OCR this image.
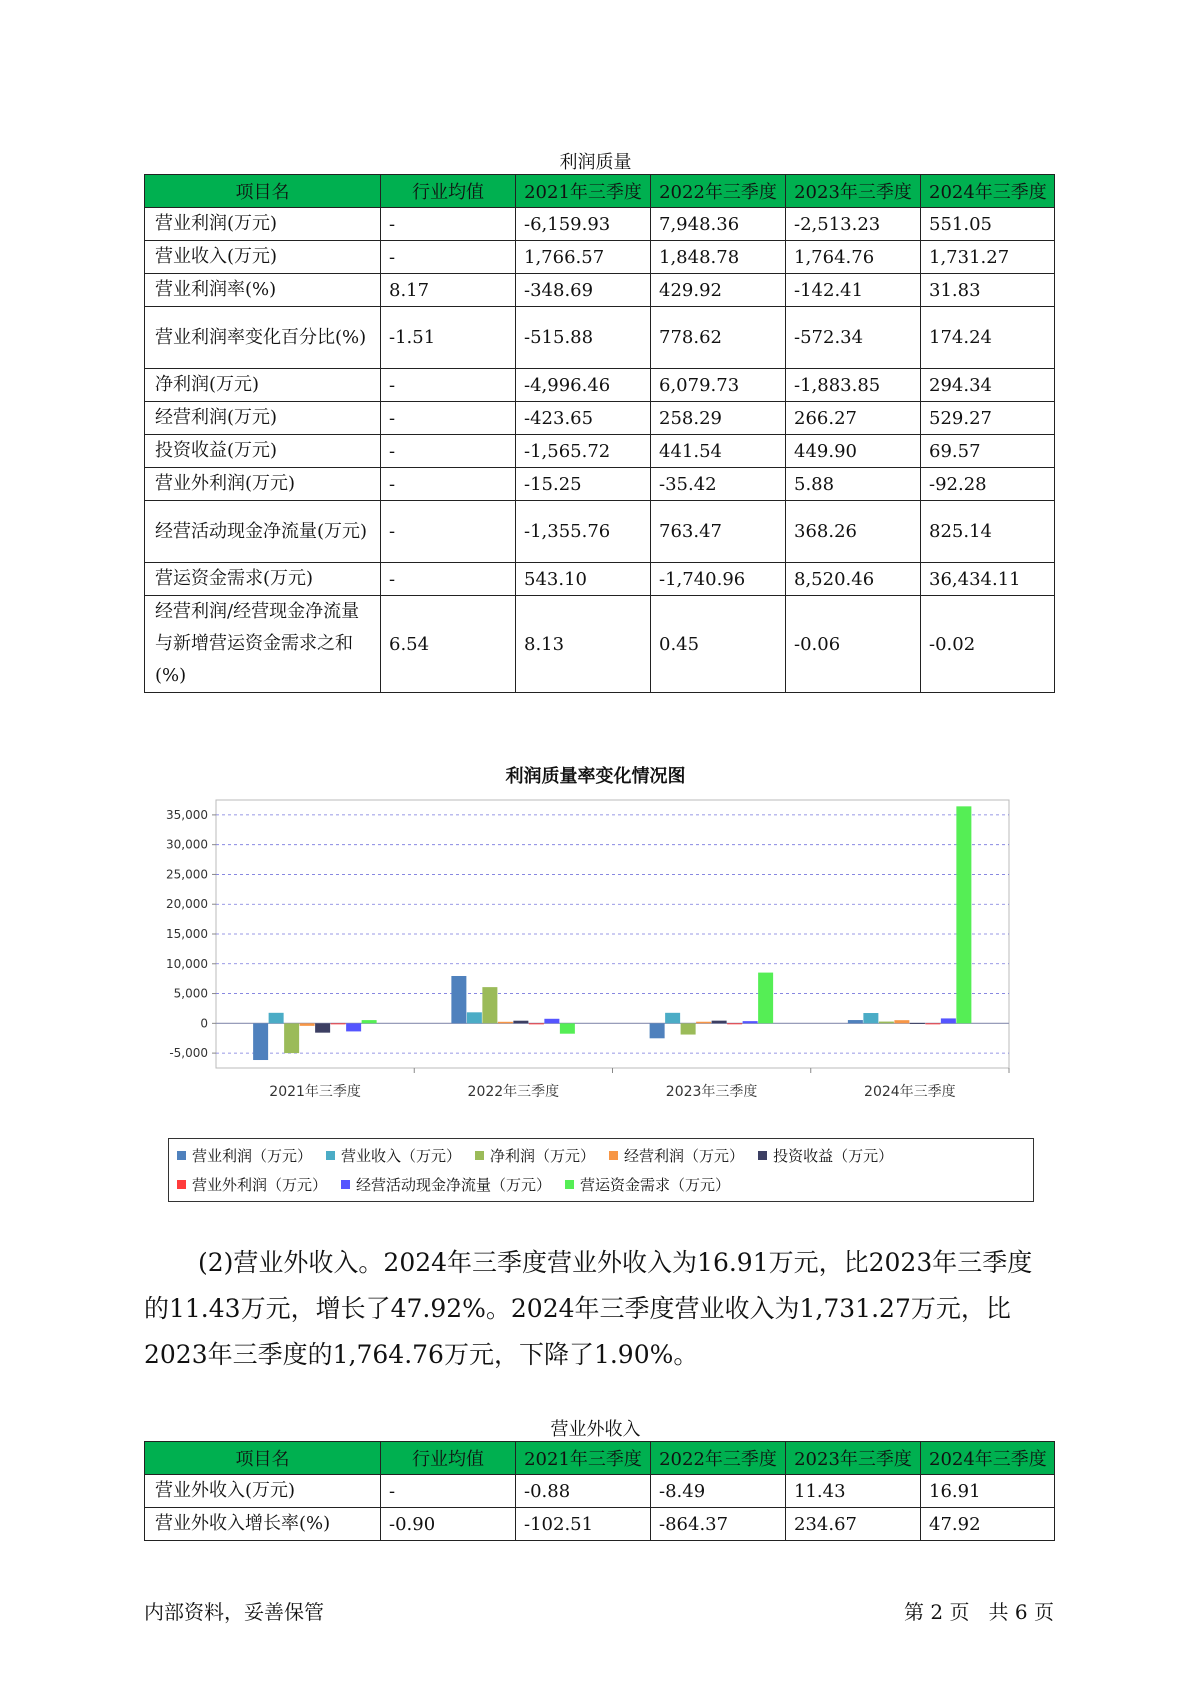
利润质量
项目名	行业均值	2021年三季度	2022年三季度	2023年三季度	2024年三季度
营业利润(万元)	-	-6,159.93	7,948.36	-2,513.23	551.05
营业收入(万元)	-	1,766.57	1,848.78	1,764.76	1,731.27
营业利润率(%)	8.17	-348.69	429.92	-142.41	31.83
营业利润率变化百分比(%)	-1.51	-515.88	778.62	-572.34	174.24
净利润(万元)	-	-4,996.46	6,079.73	-1,883.85	294.34
经营利润(万元)	-	-423.65	258.29	266.27	529.27
投资收益(万元)	-	-1,565.72	441.54	449.90	69.57
营业外利润(万元)	-	-15.25	-35.42	5.88	-92.28
经营活动现金净流量(万元)	-	-1,355.76	763.47	368.26	825.14
营运资金需求(万元)	-	543.10	-1,740.96	8,520.46	36,434.11
经营利润/经营现金净流量与新增营运资金需求之和(%)	6.54	8.13	0.45	-0.06	-0.02
利润质量率变化情况图
-5,000
0
5,000
10,000
15,000
20,000
25,000
30,000
35,000
2021年三季度	2022年三季度	2023年三季度	2024年三季度
营业利润（万元） 营业收入（万元） 净利润（万元） 经营利润（万元） 投资收益（万元）
营业外利润（万元） 经营活动现金净流量（万元） 营运资金需求（万元）
(2)营业外收入。2024年三季度营业外收入为16.91万元，比2023年三季度的11.43万元，增长了47.92%。2024年三季度营业收入为1,731.27万元，比2023年三季度的1,764.76万元，下降了1.90%。
营业外收入
项目名	行业均值	2021年三季度	2022年三季度	2023年三季度	2024年三季度
营业外收入(万元)	-	-0.88	-8.49	11.43	16.91
营业外收入增长率(%)	-0.90	-102.51	-864.37	234.67	47.92
内部资料，妥善保管	第 2 页   共 6 页
